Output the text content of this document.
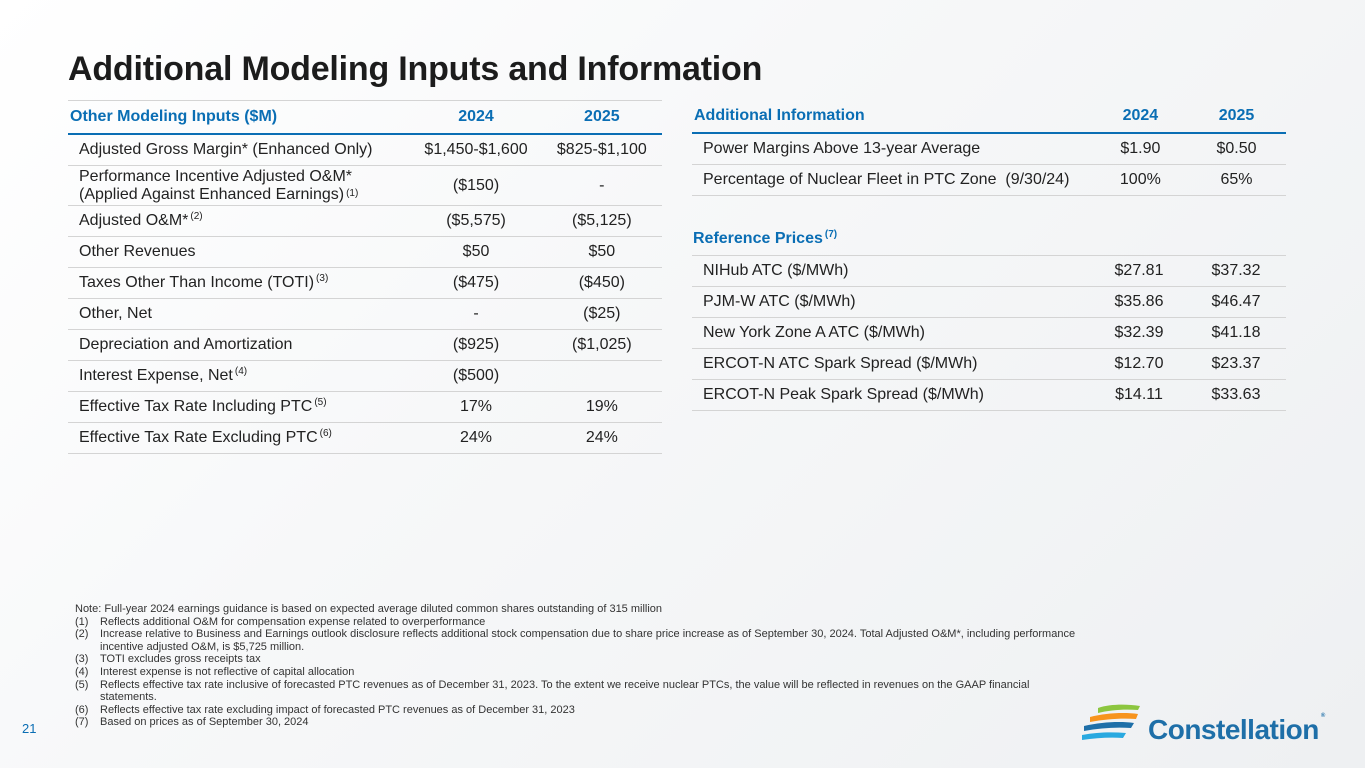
Additional Modeling Inputs and Information
Other Modeling Inputs ($M)	2024	2025
Adjusted Gross Margin* (Enhanced Only)	$1,450-$1,600	$825-$1,100
Performance Incentive Adjusted O&M*
(Applied Against Enhanced Earnings) $^{(1)}$	($150)	-
Adjusted O&M* $^{(2)}$	($5,575)	($5,125)
Other Revenues	$50	$50
Taxes Other Than Income (TOTI) $^{(3)}$	($475)	($450)
Other, Net	-	($25)
Depreciation and Amortization	($925)	($1,025)
Interest Expense, Net $^{(4)}$	($500)	
Effective Tax Rate Including PTC $^{(5)}$	17%	19%
Effective Tax Rate Excluding PTC $^{(6)}$	24%	24%
Additional Information	2024	2025
Power Margins Above 13-year Average	$1.90	$0.50
Percentage of Nuclear Fleet in PTC Zone  (9/30/24)	100%	65%
Reference Prices $^{(7)}$
NIHub ATC ($/MWh)	$27.81	$37.32
PJM-W ATC ($/MWh)	$35.86	$46.47
New York Zone A ATC ($/MWh)	$32.39	$41.18
ERCOT-N ATC Spark Spread ($/MWh)	$12.70	$23.37
ERCOT-N Peak Spark Spread ($/MWh)	$14.11	$33.63
Note: Full-year 2024 earnings guidance is based on expected average diluted common shares outstanding of 315 million
(1)	Reflects additional O&M for compensation expense related to overperformance
(2)	Increase relative to Business and Earnings outlook disclosure reflects additional stock compensation due to share price increase as of September 30, 2024. Total Adjusted O&M*, including performance incentive adjusted O&M, is $5,725 million.
(3)	TOTI excludes gross receipts tax
(4)	Interest expense is not reflective of capital allocation
(5)	Reflects effective tax rate inclusive of forecasted PTC revenues as of December 31, 2023. To the extent we receive nuclear PTCs, the value will be reflected in revenues on the GAAP financial statements.
(6)	Reflects effective tax rate excluding impact of forecasted PTC revenues as of December 31, 2023
(7)	Based on prices as of September 30, 2024
21	Constellation ®
